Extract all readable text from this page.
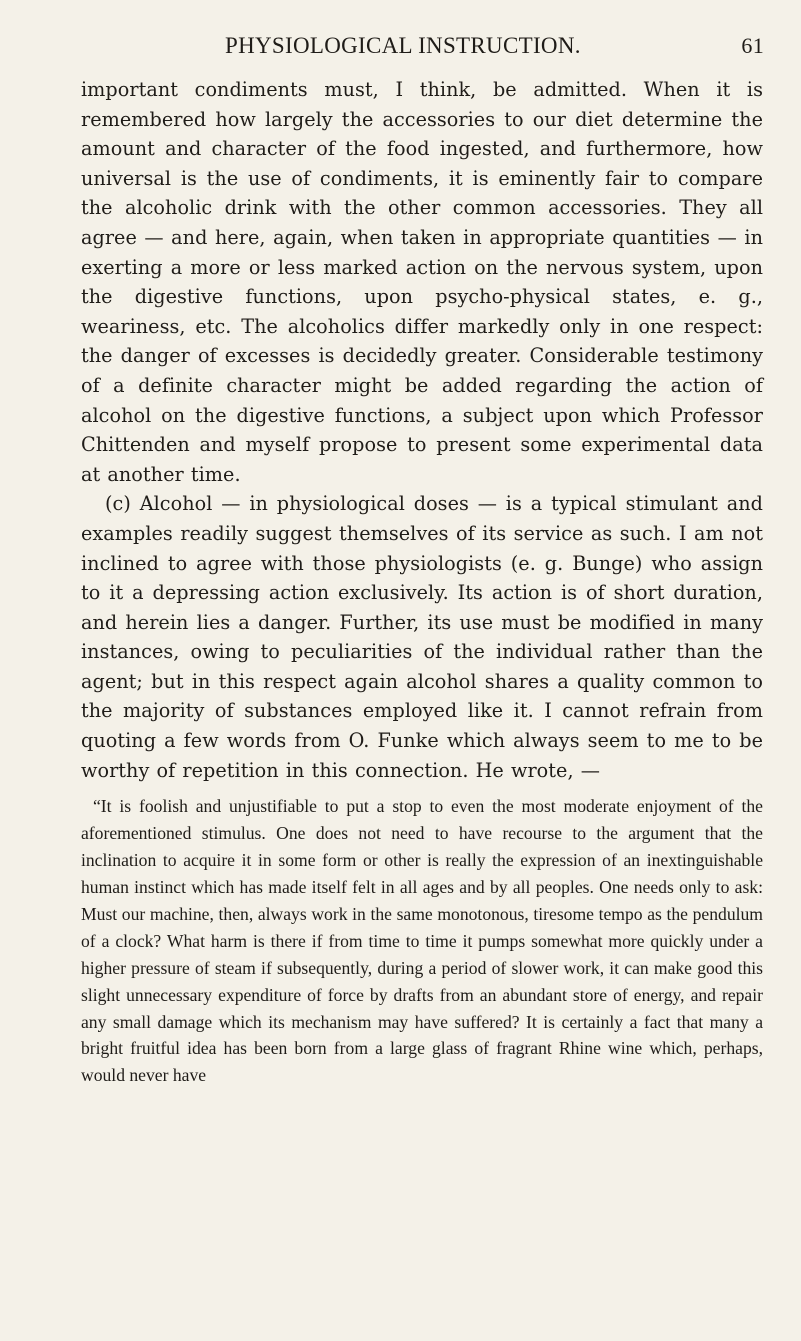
PHYSIOLOGICAL INSTRUCTION.	61

important condiments must, I think, be admitted. When it is remembered how largely the accessories to our diet determine the amount and character of the food ingested, and furthermore, how universal is the use of condiments, it is eminently fair to compare the alcoholic drink with the other common accessories. They all agree — and here, again, when taken in appropriate quantities — in exerting a more or less marked action on the nervous system, upon the digestive functions, upon psycho-physical states, e. g., weariness, etc. The alcoholics differ markedly only in one respect: the danger of excesses is decidedly greater. Considerable testimony of a definite character might be added regarding the action of alcohol on the digestive functions, a subject upon which Professor Chittenden and myself propose to present some experimental data at another time.

(c) Alcohol — in physiological doses — is a typical stimulant and examples readily suggest themselves of its service as such. I am not inclined to agree with those physiologists (e. g. Bunge) who assign to it a depressing action exclusively. Its action is of short duration, and herein lies a danger. Further, its use must be modified in many instances, owing to peculiarities of the individual rather than the agent; but in this respect again alcohol shares a quality common to the majority of substances employed like it. I cannot refrain from quoting a few words from O. Funke which always seem to me to be worthy of repetition in this connection. He wrote, —

“It is foolish and unjustifiable to put a stop to even the most moderate enjoyment of the aforementioned stimulus. One does not need to have recourse to the argument that the inclination to acquire it in some form or other is really the expression of an inextinguishable human instinct which has made itself felt in all ages and by all peoples. One needs only to ask: Must our machine, then, always work in the same monotonous, tiresome tempo as the pendulum of a clock? What harm is there if from time to time it pumps somewhat more quickly under a higher pressure of steam if subsequently, during a period of slower work, it can make good this slight unnecessary expenditure of force by drafts from an abundant store of energy, and repair any small damage which its mechanism may have suffered? It is certainly a fact that many a bright fruitful idea has been born from a large glass of fragrant Rhine wine which, perhaps, would never have
